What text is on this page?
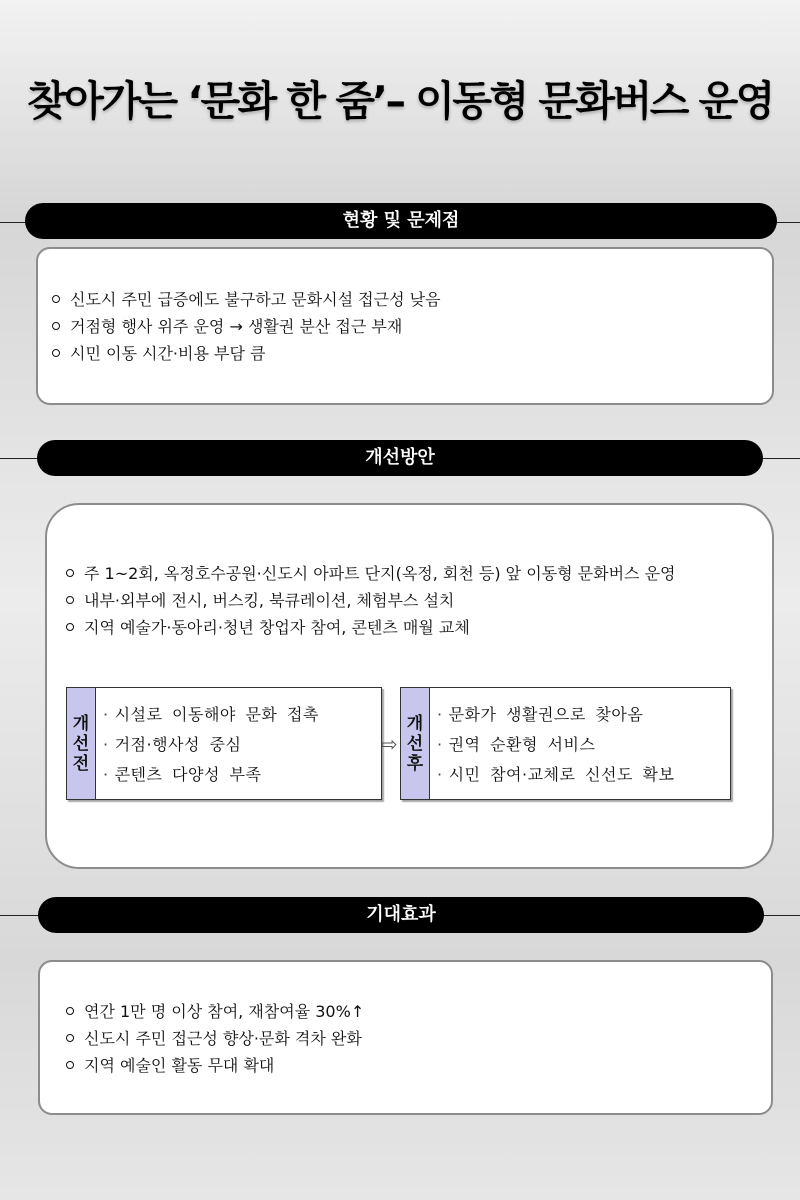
찾아가는 ‘문화 한 줌’– 이동형 문화버스 운영
현황 및 문제점
신도시 주민 급증에도 불구하고 문화시설 접근성 낮음
거점형 행사 위주 운영 → 생활권 분산 접근 부재
시민 이동 시간·비용 부담 큼
개선방안
주 1~2회, 옥정호수공원·신도시 아파트 단지(옥정, 회천 등) 앞 이동형 문화버스 운영
내부·외부에 전시, 버스킹, 북큐레이션, 체험부스 설치
지역 예술가·동아리·청년 창업자 참여, 콘텐츠 매월 교체
개
선
전
· 시설로 이동해야 문화 접촉
· 거점·행사성 중심
· 콘텐츠 다양성 부족
⇨
개
선
후
· 문화가 생활권으로 찾아옴
· 권역 순환형 서비스
· 시민 참여·교체로 신선도 확보
기대효과
연간 1만 명 이상 참여, 재참여율 30%↑
신도시 주민 접근성 향상·문화 격차 완화
지역 예술인 활동 무대 확대
